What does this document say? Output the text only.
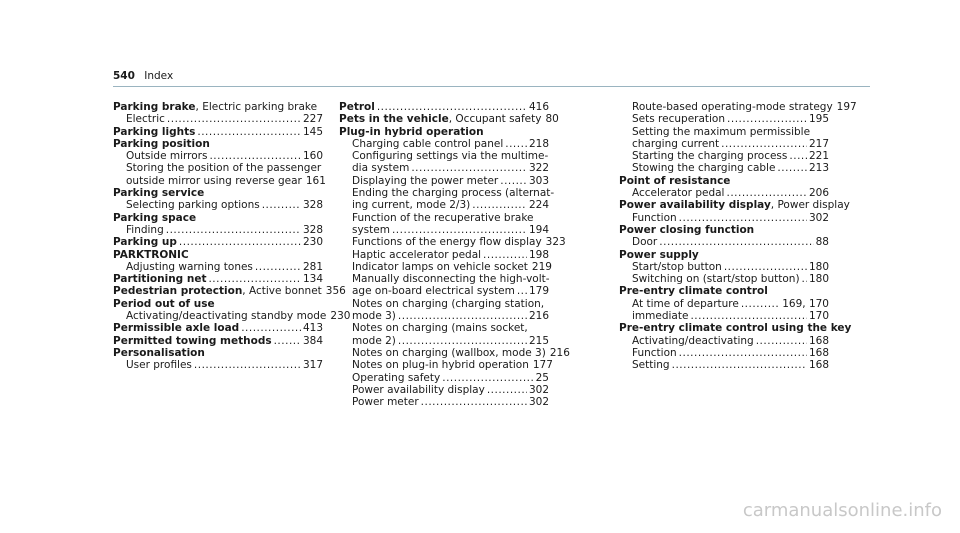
540 Index
Parking brake , Electric parking brake
Electric .....	227
Parking lights .....	145
Parking position
Outside mirrors .....	160
Storing the position of the passenger
outside mirror using reverse gear 161
Parking service
Selecting parking options .....	328
Parking space
Finding .....	328
Parking up .....	230
PARKTRONIC
Adjusting warning tones .....	281
Partitioning net .....	134
Pedestrian protection , Active bonnet 356
Period out of use
Activating/deactivating standby mode 230
Permissible axle load .....	413
Permitted towing methods .....	384
Personalisation
User profiles .....	317
Petrol .....	416
Pets in the vehicle , Occupant safety 80
Plug-in hybrid operation
Charging cable control panel ..... 218
Configuring settings via the multime-
dia system .....	322
Displaying the power meter .....	303
Ending the charging process (alternat-
ing current, mode 2/3) .....	224
Function of the recuperative brake
system .....	194
Functions of the energy flow display 323
Haptic accelerator pedal .....	198
Indicator lamps on vehicle socket 219
Manually disconnecting the high-volt-
age on-board electrical system ..... 179
Notes on charging (charging station,
mode 3) .....	216
Notes on charging (mains socket,
mode 2) .....	215
Notes on charging (wallbox, mode 3) 216
Notes on plug-in hybrid operation 177
Operating safety .....	25
Power availability display .....	302
Power meter .....	302
Route-based operating-mode strategy 197
Sets recuperation .....	195
Setting the maximum permissible
charging current .....	217
Starting the charging process ..... 221
Stowing the charging cable .....	213
Point of resistance
Accelerator pedal .....	206
Power availability display , Power display
Function .....	302
Power closing function
Door .....	88
Power supply
Start/stop button .....	180
Switching on (start/stop button) ..... 180
Pre-entry climate control
At time of departure .....	169, 170
immediate .....	170
Pre-entry climate control using the key
Activating/deactivating .....	168
Function .....	168
Setting .....	168
carmanualsonline.info
